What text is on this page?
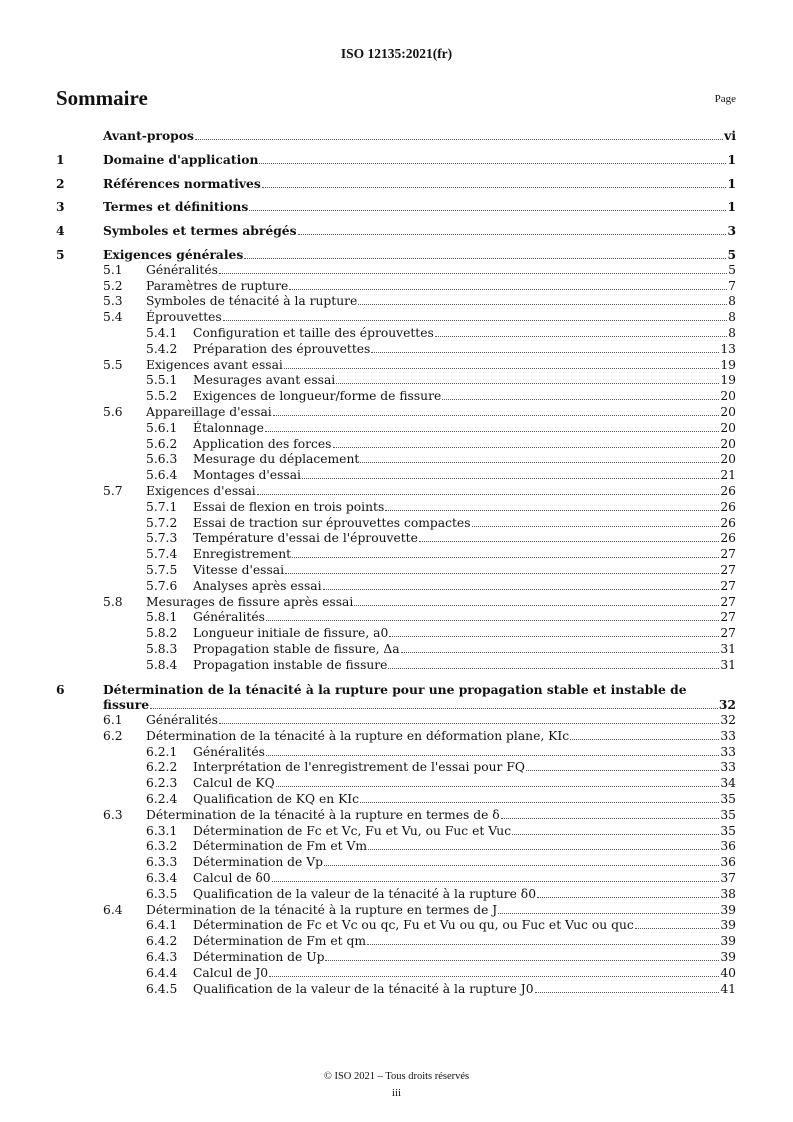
ISO 12135:2021(fr)
Sommaire	Page
Avant-propos	vi
1	Domaine d'application	1
2	Références normatives	1
3	Termes et définitions	1
4	Symboles et termes abrégés	3
5	Exigences générales	5
5.1	Généralités	5
5.2	Paramètres de rupture	7
5.3	Symboles de ténacité à la rupture	8
5.4	Éprouvettes	8
5.4.1	Configuration et taille des éprouvettes	8
5.4.2	Préparation des éprouvettes	13
5.5	Exigences avant essai	19
5.5.1	Mesurages avant essai	19
5.5.2	Exigences de longueur/forme de fissure	20
5.6	Appareillage d'essai	20
5.6.1	Étalonnage	20
5.6.2	Application des forces	20
5.6.3	Mesurage du déplacement	20
5.6.4	Montages d'essai	21
5.7	Exigences d'essai	26
5.7.1	Essai de flexion en trois points	26
5.7.2	Essai de traction sur éprouvettes compactes	26
5.7.3	Température d'essai de l'éprouvette	26
5.7.4	Enregistrement	27
5.7.5	Vitesse d'essai	27
5.7.6	Analyses après essai	27
5.8	Mesurages de fissure après essai	27
5.8.1	Généralités	27
5.8.2	Longueur initiale de fissure, a0	27
5.8.3	Propagation stable de fissure, Δa	31
5.8.4	Propagation instable de fissure	31
6	Détermination de la ténacité à la rupture pour une propagation stable et instable de
fissure	32
6.1	Généralités	32
6.2	Détermination de la ténacité à la rupture en déformation plane, KIc	33
6.2.1	Généralités	33
6.2.2	Interprétation de l'enregistrement de l'essai pour FQ	33
6.2.3	Calcul de KQ	34
6.2.4	Qualification de KQ en KIc	35
6.3	Détermination de la ténacité à la rupture en termes de δ	35
6.3.1	Détermination de Fc et Vc, Fu et Vu, ou Fuc et Vuc	35
6.3.2	Détermination de Fm et Vm	36
6.3.3	Détermination de Vp	36
6.3.4	Calcul de δ0	37
6.3.5	Qualification de la valeur de la ténacité à la rupture δ0	38
6.4	Détermination de la ténacité à la rupture en termes de J	39
6.4.1	Détermination de Fc et Vc ou qc, Fu et Vu ou qu, ou Fuc et Vuc ou quc	39
6.4.2	Détermination de Fm et qm	39
6.4.3	Détermination de Up	39
6.4.4	Calcul de J0	40
6.4.5	Qualification de la valeur de la ténacité à la rupture J0	41
© ISO 2021 – Tous droits réservés
iii
